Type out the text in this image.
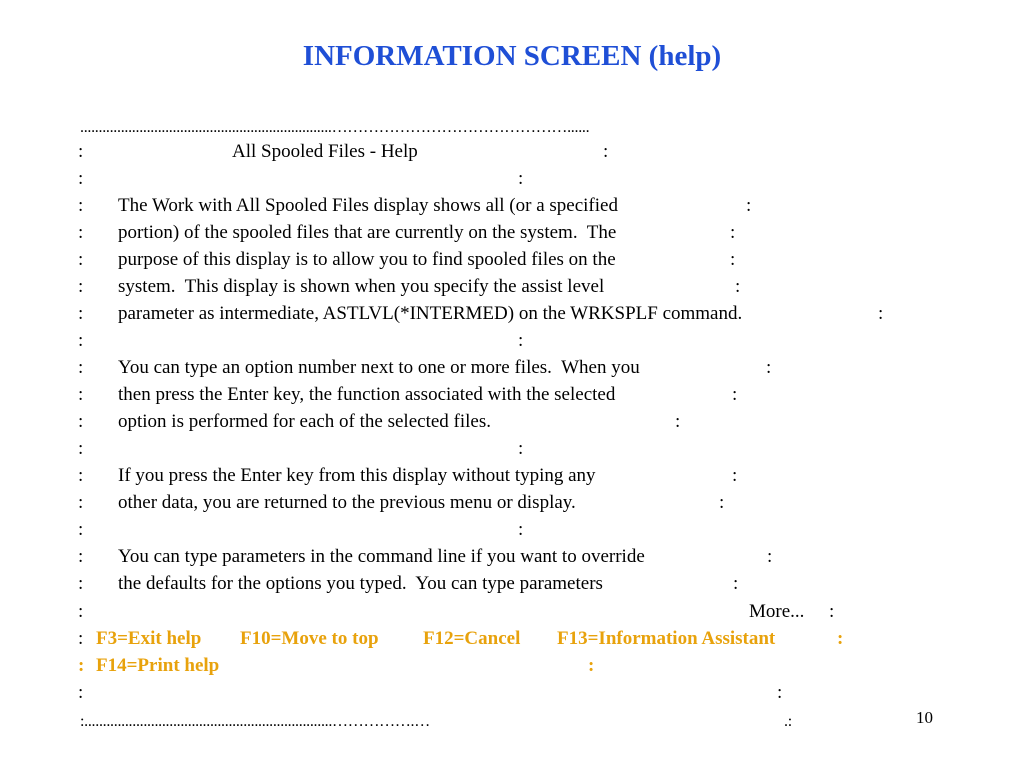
INFORMATION SCREEN (help)
....................................................................………………………………………......
:	All Spooled Files - Help	:
:	:
: The Work with All Spooled Files display shows all (or a specified	:
: portion) of the spooled files that are currently on the system.  The	:
: purpose of this display is to allow you to find spooled files on the	:
: system.  This display is shown when you specify the assist level	:
: parameter as intermediate, ASTLVL(*INTERMED) on the WRKSPLF command.	:
:	:
: You can type an option number next to one or more files.  When you	:
: then press the Enter key, the function associated with the selected	:
: option is performed for each of the selected files.	:
:	:
: If you press the Enter key from this display without typing any	:
: other data, you are returned to the previous menu or display.	:
:	:
: You can type parameters in the command line if you want to override	:
: the defaults for the options you typed.  You can type parameters	:
:	More... :
: F3=Exit help F10=Move to top F12=Cancel F13=Information Assistant	:
: F14=Print help	:
:	:
:...................................................................…………….…	.:	10
